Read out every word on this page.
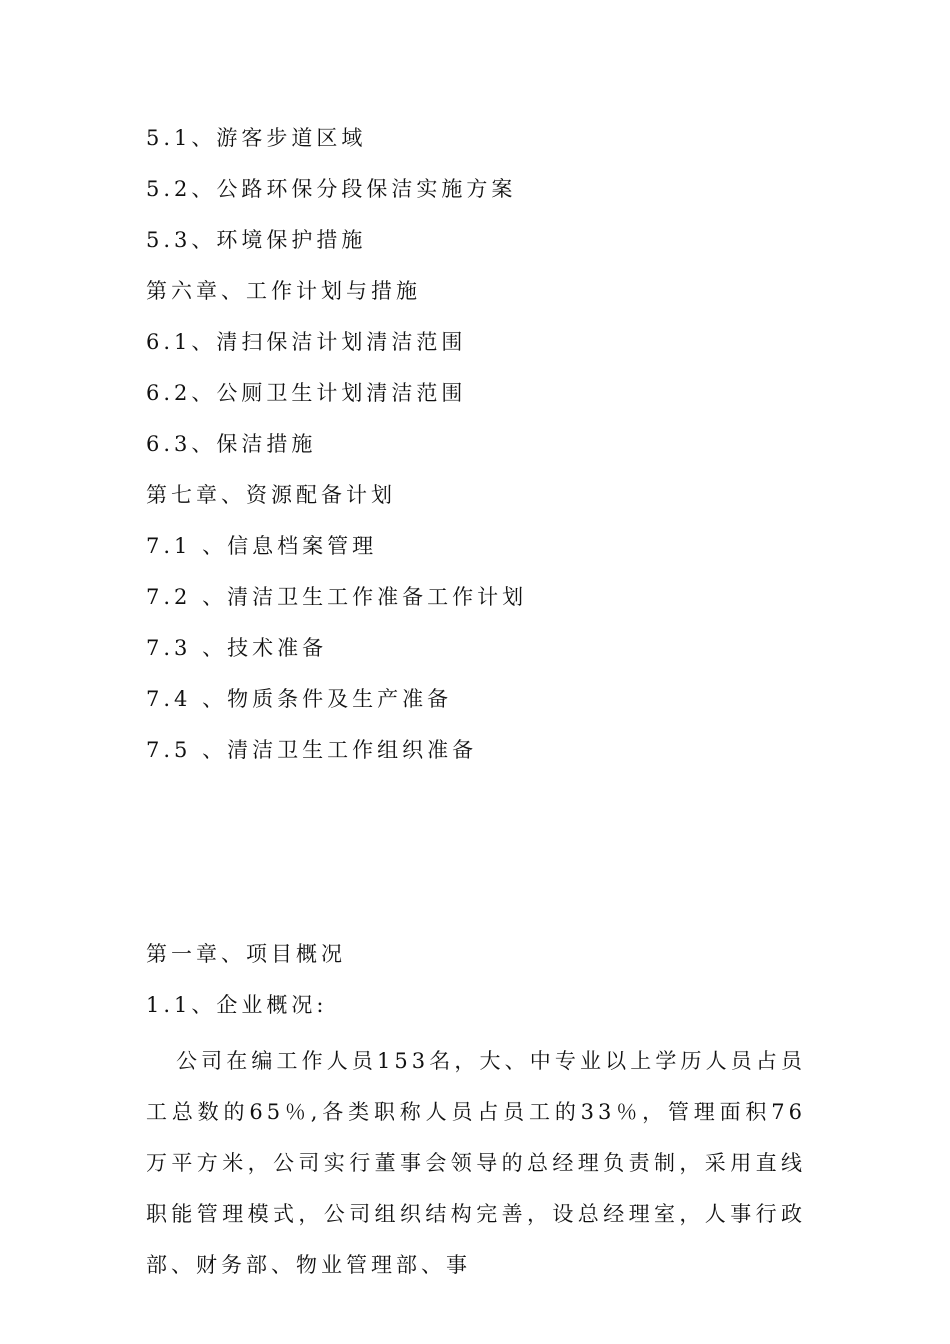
5.1、游客步道区域
5.2、公路环保分段保洁实施方案
5.3、环境保护措施
第六章、工作计划与措施
6.1、清扫保洁计划清洁范围
6.2、公厕卫生计划清洁范围
6.3、保洁措施
第七章、资源配备计划
7.1 、信息档案管理
7.2 、清洁卫生工作准备工作计划
7.3 、技术准备
7.4 、物质条件及生产准备
7.5 、清洁卫生工作组织准备
第一章、项目概况
1.1、企业概况:

公司在编工作人员153名，大、中专业以上学历人员占员工总数的65％,各类职称人员占员工的33％，管理面积76万平方米，公司实行董事会领导的总经理负责制，采用直线职能管理模式，公司组织结构完善，设总经理室，人事行政部、财务部、物业管理部、事
